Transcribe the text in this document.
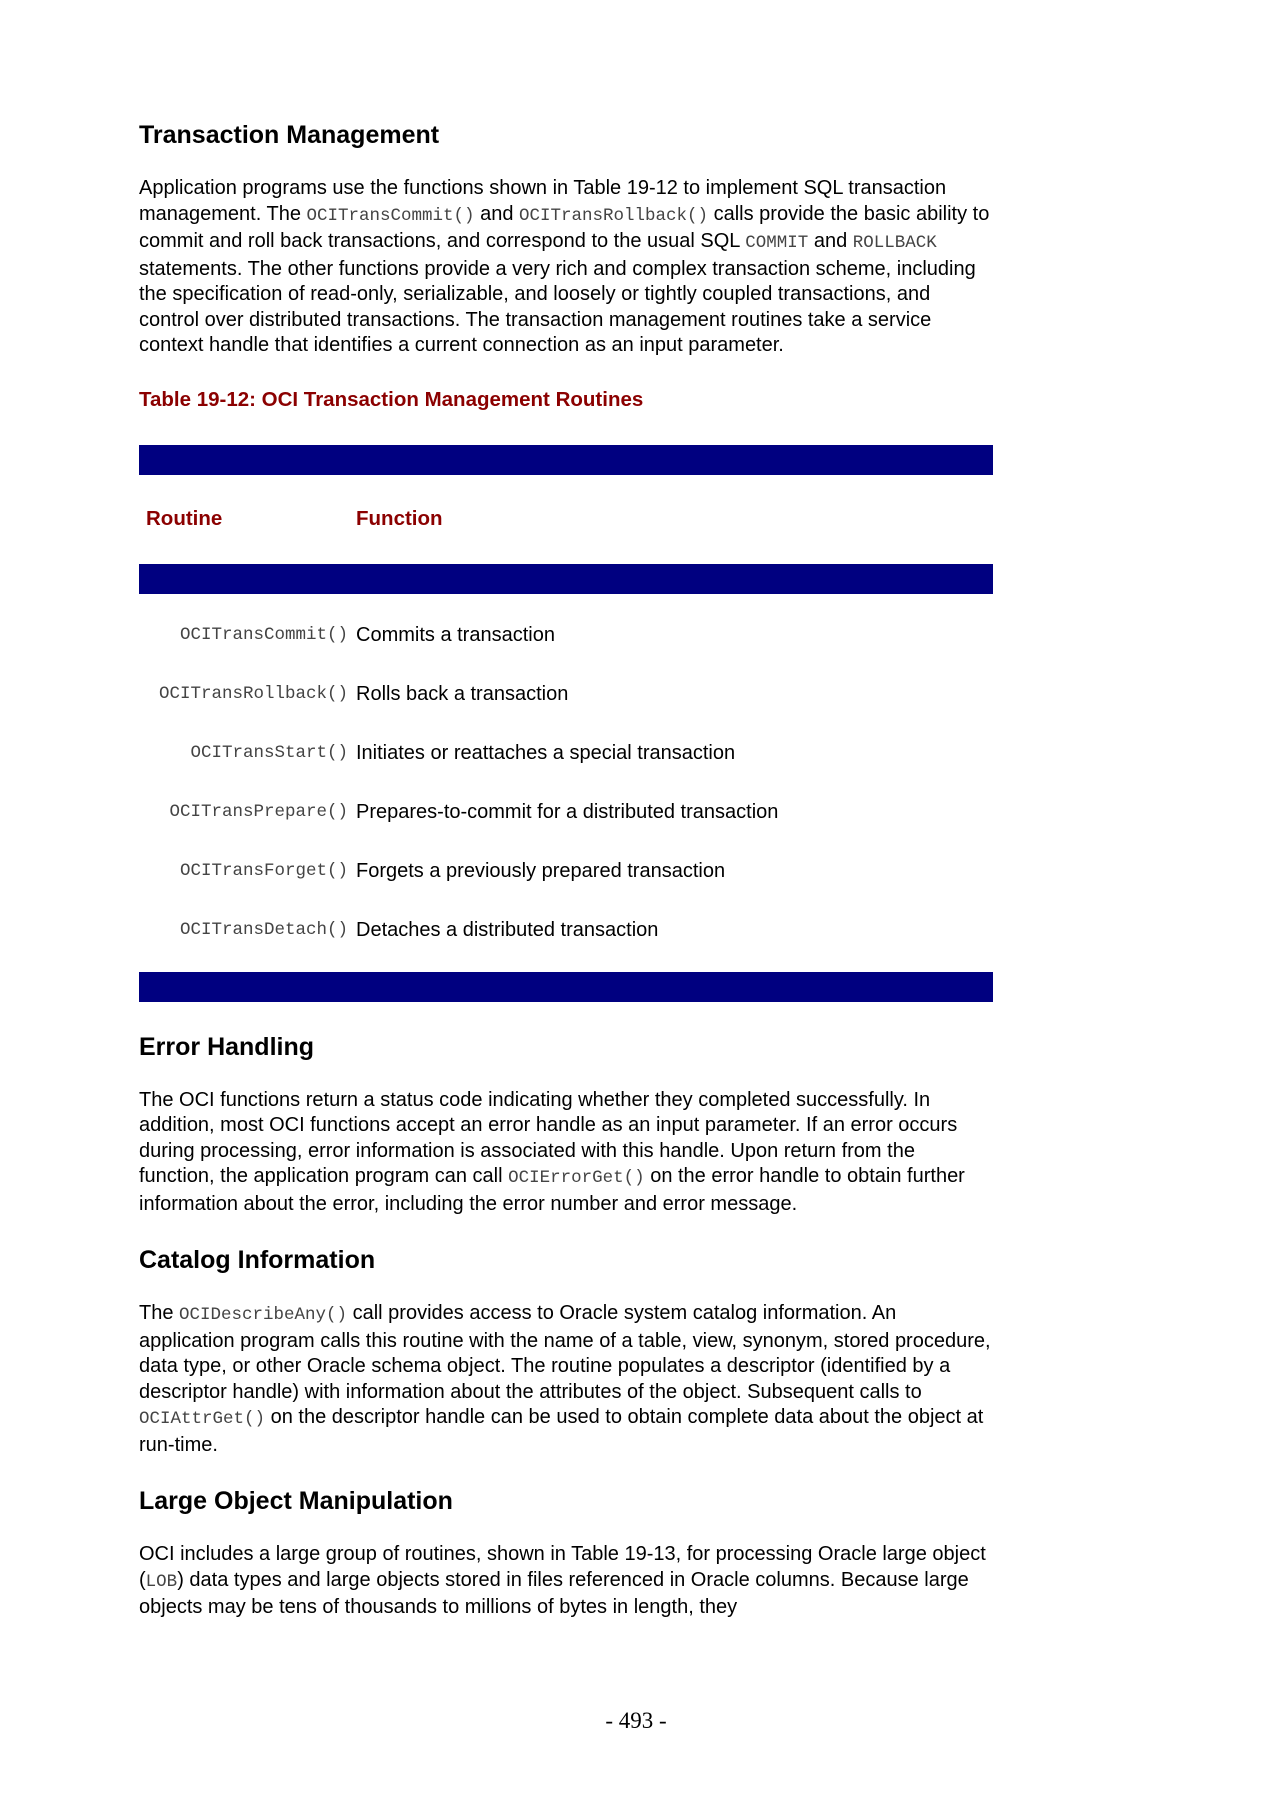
Transaction Management

Application programs use the functions shown in Table 19-12 to implement SQL transaction management. The OCITransCommit() and OCITransRollback() calls provide the basic ability to commit and roll back transactions, and correspond to the usual SQL COMMIT and ROLLBACK statements. The other functions provide a very rich and complex transaction scheme, including the specification of read-only, serializable, and loosely or tightly coupled transactions, and control over distributed transactions. The transaction management routines take a service context handle that identifies a current connection as an input parameter.

Table 19-12: OCI Transaction Management Routines
Routine	Function
OCITransCommit() Commits a transaction
OCITransRollback() Rolls back a transaction
OCITransStart() Initiates or reattaches a special transaction
OCITransPrepare() Prepares-to-commit for a distributed transaction
OCITransForget() Forgets a previously prepared transaction
OCITransDetach() Detaches a distributed transaction
Error Handling

The OCI functions return a status code indicating whether they completed successfully. In addition, most OCI functions accept an error handle as an input parameter. If an error occurs during processing, error information is associated with this handle. Upon return from the function, the application program can call OCIErrorGet() on the error handle to obtain further information about the error, including the error number and error message.

Catalog Information

The OCIDescribeAny() call provides access to Oracle system catalog information. An application program calls this routine with the name of a table, view, synonym, stored procedure, data type, or other Oracle schema object. The routine populates a descriptor (identified by a descriptor handle) with information about the attributes of the object. Subsequent calls to OCIAttrGet() on the descriptor handle can be used to obtain complete data about the object at run-time.

Large Object Manipulation

OCI includes a large group of routines, shown in Table 19-13, for processing Oracle large object (LOB) data types and large objects stored in files referenced in Oracle columns. Because large objects may be tens of thousands to millions of bytes in length, they

- 493 -
